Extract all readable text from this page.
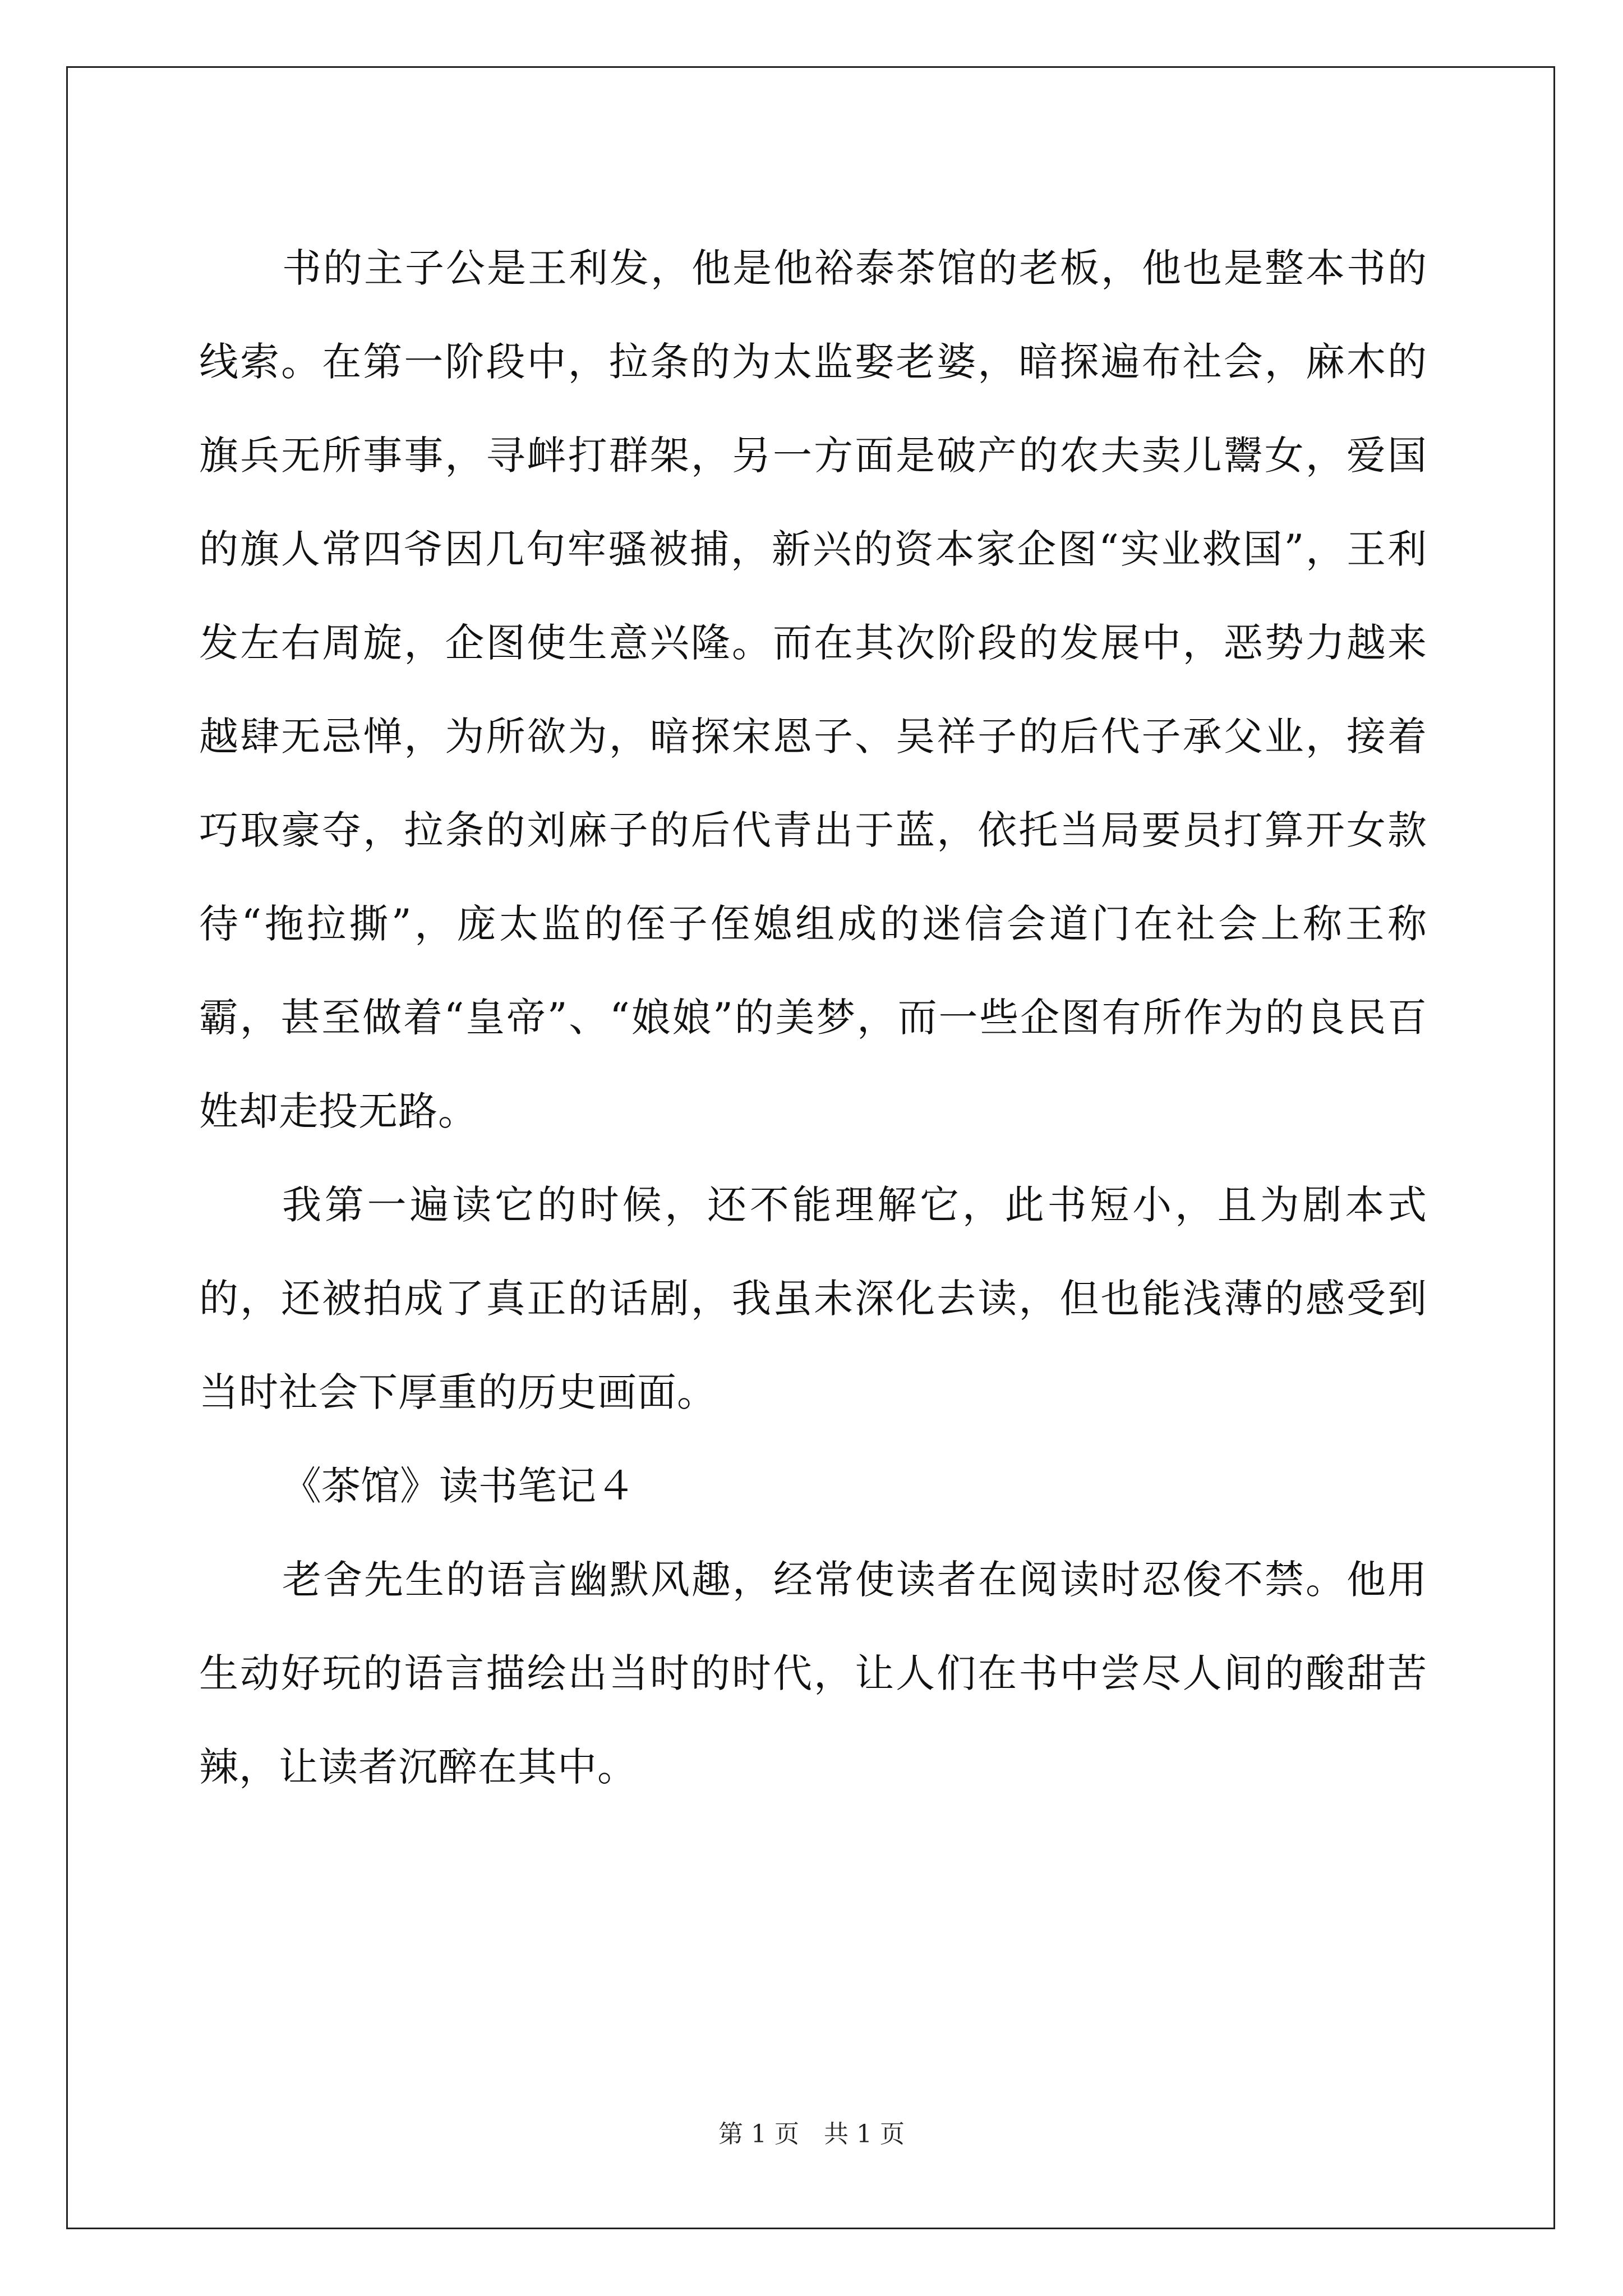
书的主子公是王利发，他是他裕泰茶馆的老板，他也是整本书的线索。在第一阶段中，拉条的为太监娶老婆，暗探遍布社会，麻木的旗兵无所事事，寻衅打群架，另一方面是破产的农夫卖儿鬻女，爱国的旗人常四爷因几句牢骚被捕，新兴的资本家企图“实业救国”，王利发左右周旋，企图使生意兴隆。而在其次阶段的发展中，恶势力越来越肆无忌惮，为所欲为，暗探宋恩子、吴祥子的后代子承父业，接着巧取豪夺，拉条的刘麻子的后代青出于蓝，依托当局要员打算开女款待“拖拉撕”，庞太监的侄子侄媳组成的迷信会道门在社会上称王称霸，甚至做着“皇帝”、“娘娘”的美梦，而一些企图有所作为的良民百姓却走投无路。

我第一遍读它的时候，还不能理解它，此书短小，且为剧本式的，还被拍成了真正的话剧，我虽未深化去读，但也能浅薄的感受到当时社会下厚重的历史画面。

《茶馆》读书笔记４

老舍先生的语言幽默风趣，经常使读者在阅读时忍俊不禁。他用生动好玩的语言描绘出当时的时代，让人们在书中尝尽人间的酸甜苦辣，让读者沉醉在其中。

第 1 页　共 1 页
